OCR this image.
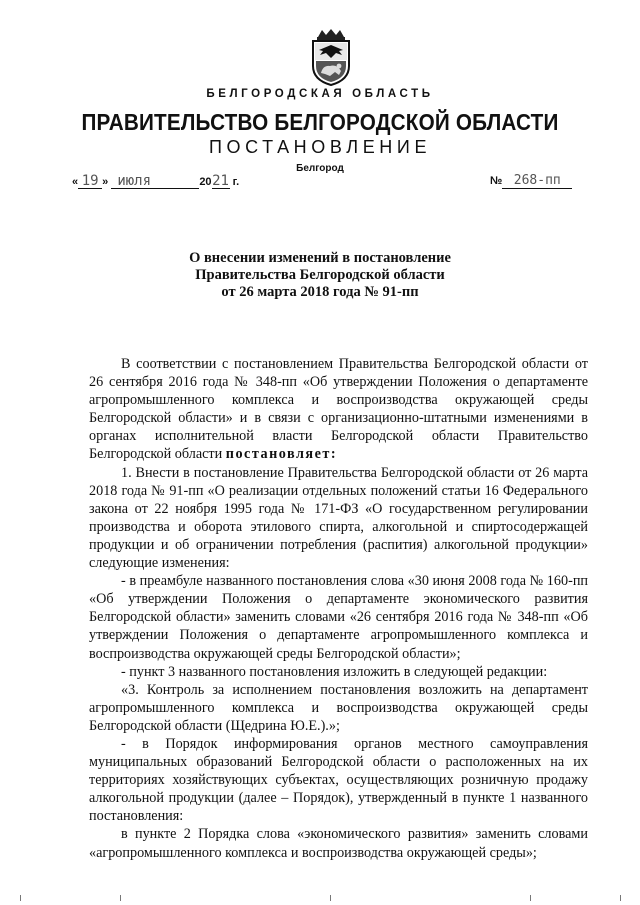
БЕЛГОРОДСКАЯ ОБЛАСТЬ
ПРАВИТЕЛЬСТВО БЕЛГОРОДСКОЙ ОБЛАСТИ
ПОСТАНОВЛЕНИЕ
Белгород
« 19 » июля	2021 г.	№ 268-пп
О внесении изменений в постановление
Правительства Белгородской области
от 26 марта 2018 года № 91-пп

В соответствии с постановлением Правительства Белгородской области от 26 сентября 2016 года № 348-пп «Об утверждении Положения о департаменте агропромышленного комплекса и воспроизводства окружающей среды Белгородской области» и в связи с организационно-штатными изменениями в органах исполнительной власти Белгородской области Правительство Белгородской области постановляет:

1. Внести в постановление Правительства Белгородской области от 26 марта 2018 года № 91-пп «О реализации отдельных положений статьи 16 Федерального закона от 22 ноября 1995 года № 171-ФЗ «О государственном регулировании производства и оборота этилового спирта, алкогольной и спиртосодержащей продукции и об ограничении потребления (распития) алкогольной продукции» следующие изменения:

- в преамбуле названного постановления слова «30 июня 2008 года № 160-пп «Об утверждении Положения о департаменте экономического развития Белгородской области» заменить словами «26 сентября 2016 года № 348-пп «Об утверждении Положения о департаменте агропромышленного комплекса и воспроизводства окружающей среды Белгородской области»;

- пункт 3 названного постановления изложить в следующей редакции:

«3. Контроль за исполнением постановления возложить на департамент агропромышленного комплекса и воспроизводства окружающей среды Белгородской области (Щедрина Ю.Е.).»;

- в Порядок информирования органов местного самоуправления муниципальных образований Белгородской области о расположенных на их территориях хозяйствующих субъектах, осуществляющих розничную продажу алкогольной продукции (далее – Порядок), утвержденный в пункте 1 названного постановления:

в пункте 2 Порядка слова «экономического развития» заменить словами «агропромышленного комплекса и воспроизводства окружающей среды»;
